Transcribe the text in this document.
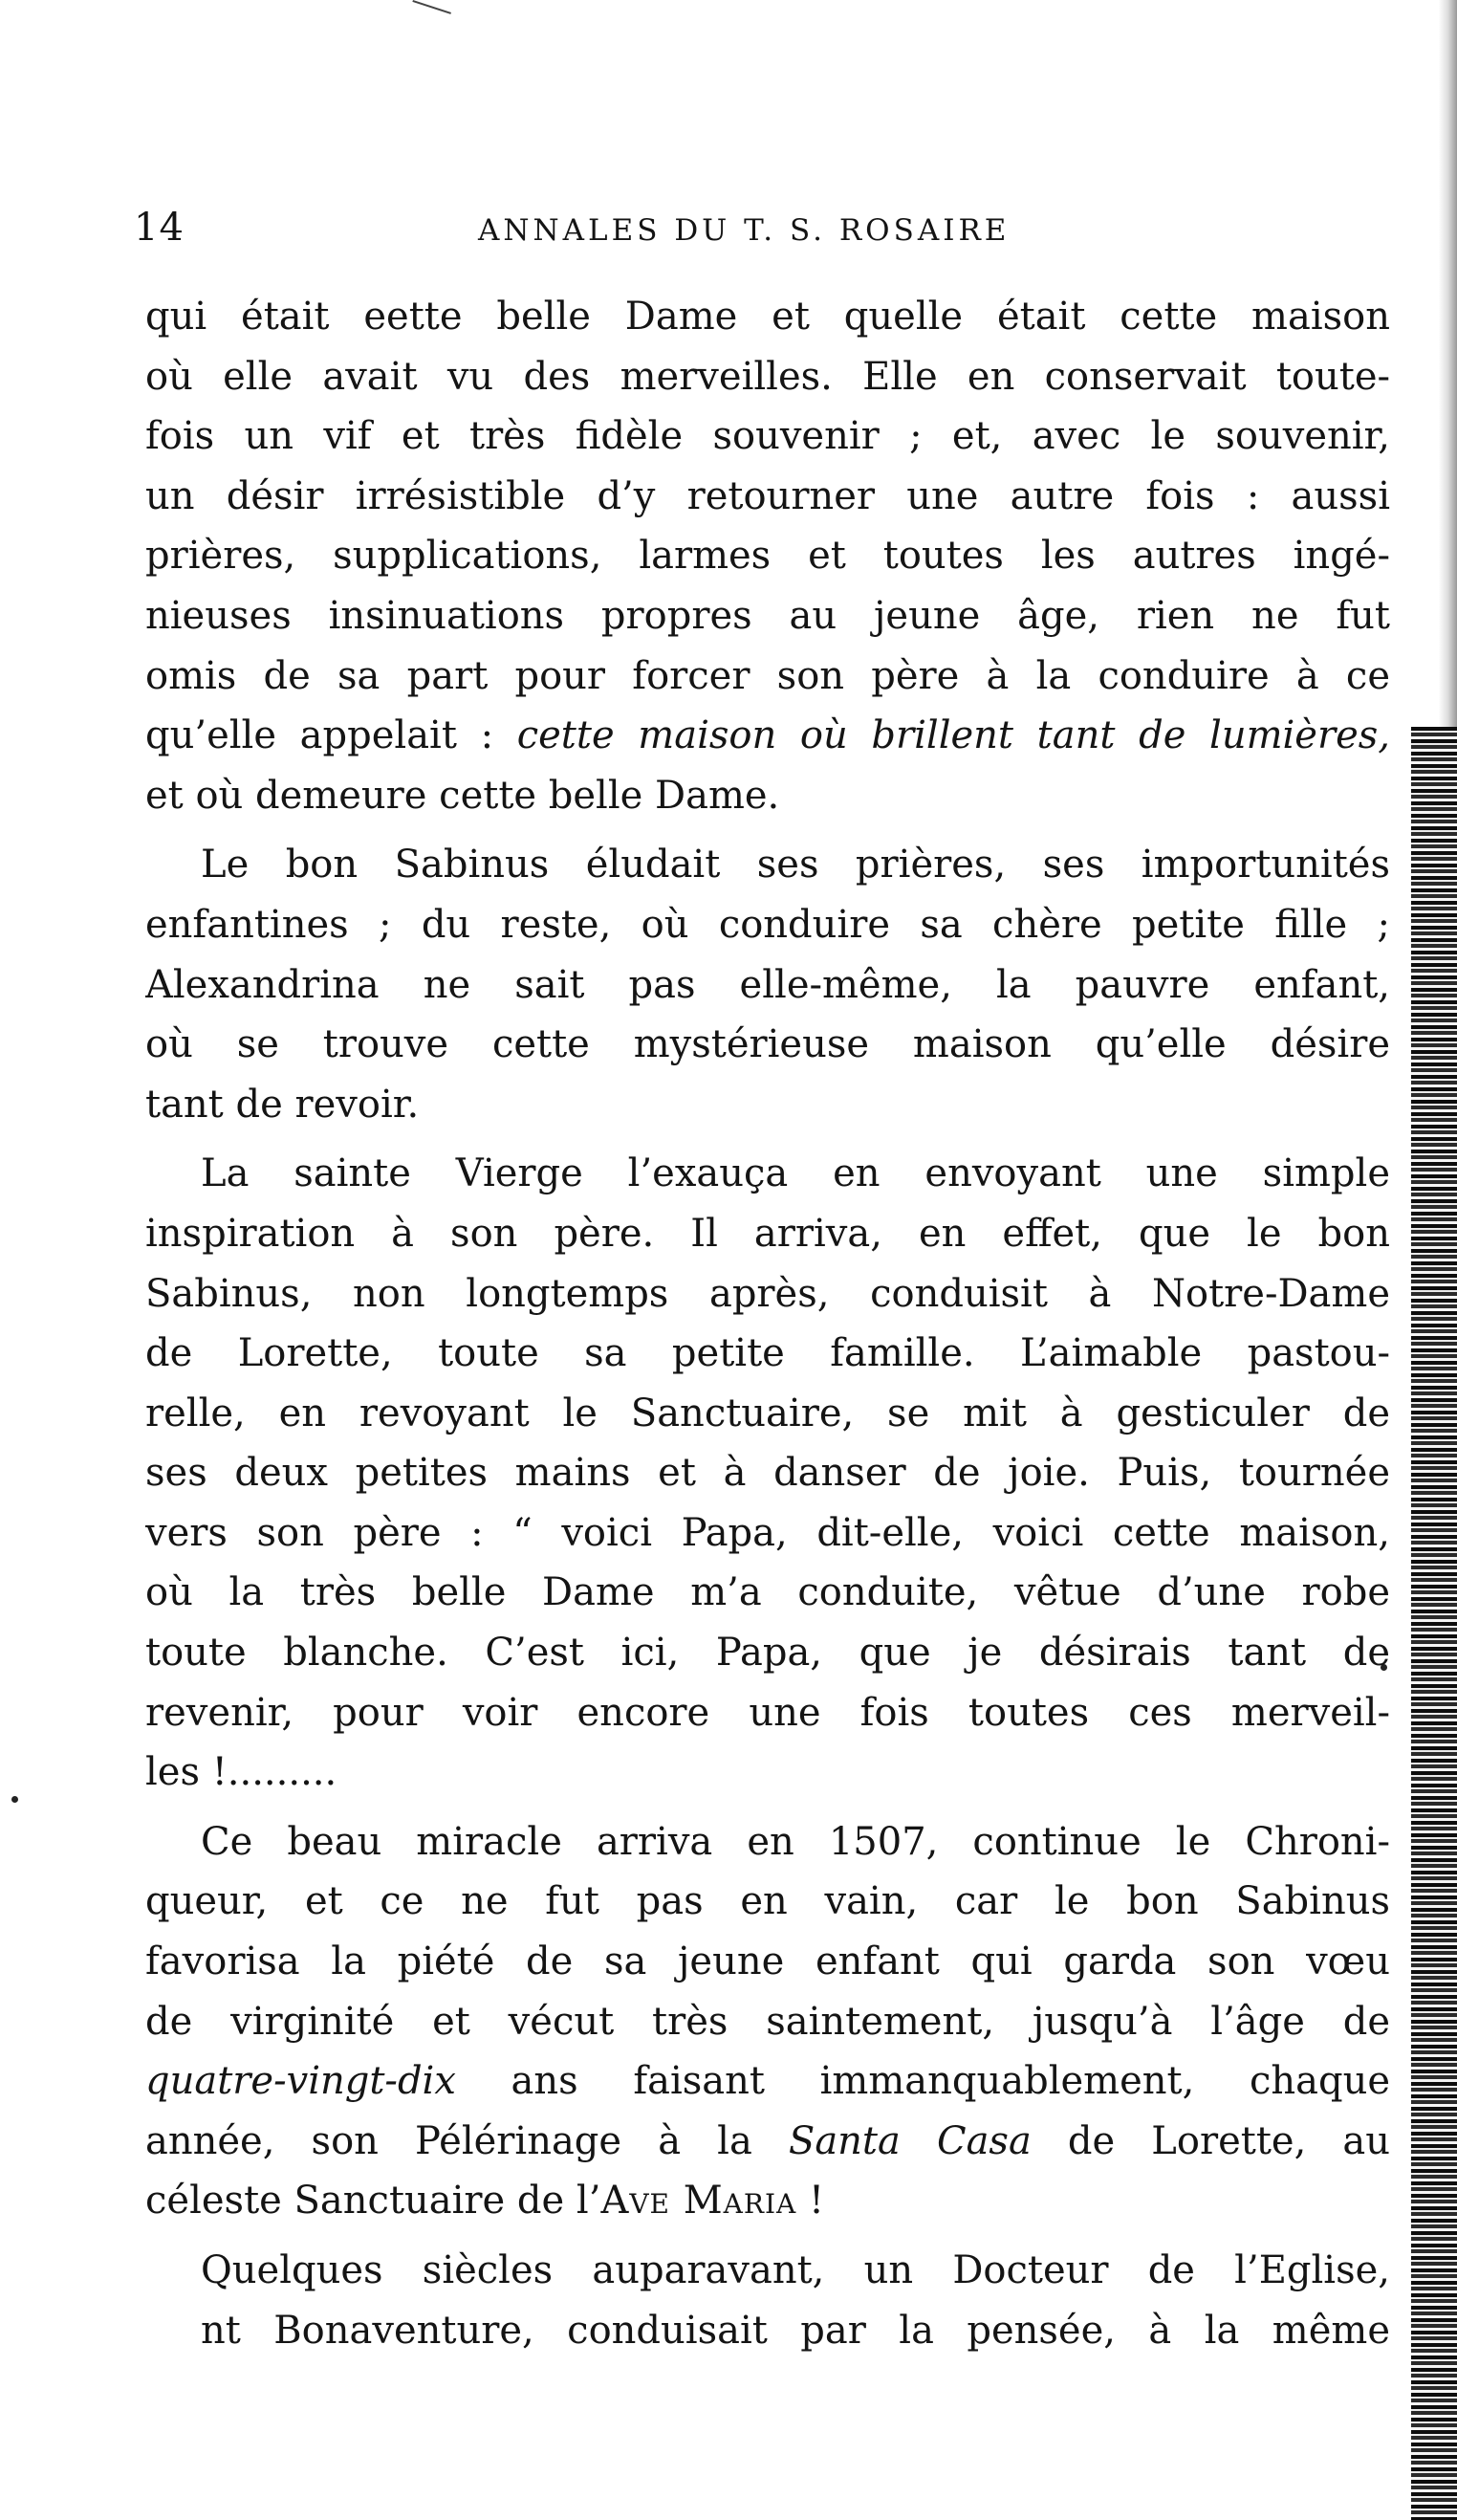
14	ANNALES DU T. S. ROSAIRE
qui était eette belle Dame et quelle était cette maison
où elle avait vu des merveilles. Elle en conservait toute-
fois un vif et très fidèle souvenir ; et, avec le souvenir,
un désir irrésistible d’y retourner une autre fois : aussi
prières, supplications, larmes et toutes les autres ingé-
nieuses insinuations propres au jeune âge, rien ne fut
omis de sa part pour forcer son père à la conduire à ce
qu’elle appelait : cette maison où brillent tant de lumières,
et où demeure cette belle Dame.
Le bon Sabinus éludait ses prières, ses importunités
enfantines ; du reste, où conduire sa chère petite fille ;
Alexandrina ne sait pas elle-même, la pauvre enfant,
où se trouve cette mystérieuse maison qu’elle désire
tant de revoir.
La sainte Vierge l’exauça en envoyant une simple
inspiration à son père. Il arriva, en effet, que le bon
Sabinus, non longtemps après, conduisit à Notre-Dame
de Lorette, toute sa petite famille. L’aimable pastou-
relle, en revoyant le Sanctuaire, se mit à gesticuler de
ses deux petites mains et à danser de joie. Puis, tournée
vers son père : “ voici Papa, dit-elle, voici cette maison,
où la très belle Dame m’a conduite, vêtue d’une robe
toute blanche. C’est ici, Papa, que je désirais tant de
revenir, pour voir encore une fois toutes ces merveil-
les !.........
Ce beau miracle arriva en 1507, continue le Chroni-
queur, et ce ne fut pas en vain, car le bon Sabinus
favorisa la piété de sa jeune enfant qui garda son vœu
de virginité et vécut très saintement, jusqu’à l’âge de
quatre-vingt-dix ans faisant immanquablement, chaque
année, son Pélérinage à la Santa Casa de Lorette, au
céleste Sanctuaire de l’Ave Maria !
Quelques siècles auparavant, un Docteur de l’Eglise,
nt Bonaventure, conduisait par la pensée, à la même
